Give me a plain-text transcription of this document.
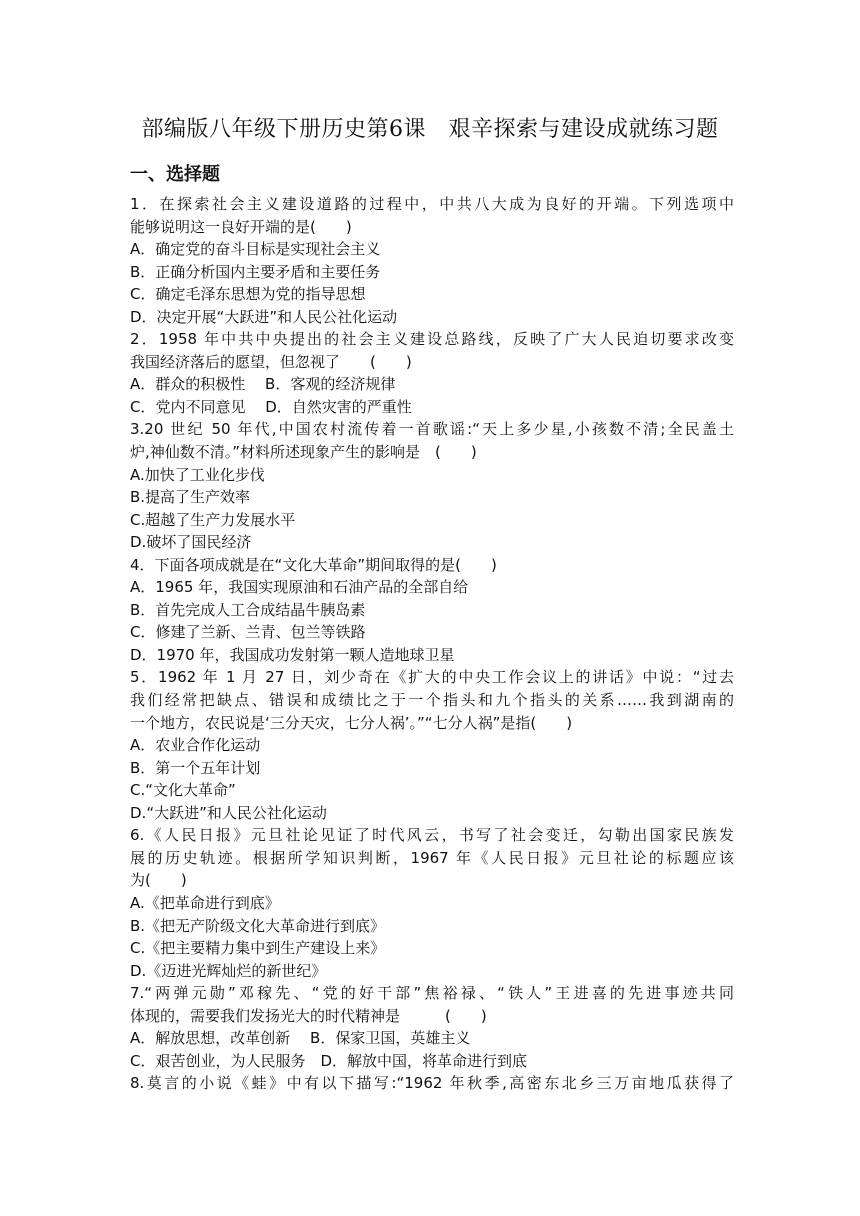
部编版八年级下册历史第6课　艰辛探索与建设成就练习题
一、选择题
1．在探索社会主义建设道路的过程中，中共八大成为良好的开端。下列选项中
能够说明这一良好开端的是(　　)
A．确定党的奋斗目标是实现社会主义
B．正确分析国内主要矛盾和主要任务
C．确定毛泽东思想为党的指导思想
D．决定开展“大跃进”和人民公社化运动
2．1958 年中共中央提出的社会主义建设总路线，反映了广大人民迫切要求改变
我国经济落后的愿望，但忽视了　　(　　)
A．群众的积极性　 B．客观的经济规律
C．党内不同意见　 D．自然灾害的严重性
3.20 世纪 50 年代,中国农村流传着一首歌谣:“天上多少星,小孩数不清;全民盖土
炉,神仙数不清。”材料所述现象产生的影响是　(　　)
A.加快了工业化步伐
B.提高了生产效率
C.超越了生产力发展水平
D.破坏了国民经济
4．下面各项成就是在“文化大革命”期间取得的是(　　)
A．1965 年，我国实现原油和石油产品的全部自给
B．首先完成人工合成结晶牛胰岛素
C．修建了兰新、兰青、包兰等铁路
D．1970 年，我国成功发射第一颗人造地球卫星
5．1962 年 1 月 27 日，刘少奇在《扩大的中央工作会议上的讲话》中说：“过去
我们经常把缺点、错误和成绩比之于一个指头和九个指头的关系……我到湖南的
一个地方，农民说是‘三分天灾，七分人祸’。”“七分人祸”是指(　　)
A．农业合作化运动
B．第一个五年计划
C.“文化大革命”
D.“大跃进”和人民公社化运动
6.《人民日报》元旦社论见证了时代风云，书写了社会变迁，勾勒出国家民族发
展的历史轨迹。根据所学知识判断，1967 年《人民日报》元旦社论的标题应该
为(　　)
A.《把革命进行到底》
B.《把无产阶级文化大革命进行到底》
C.《把主要精力集中到生产建设上来》
D.《迈进光辉灿烂的新世纪》
7.“两弹元勋”邓稼先、“党的好干部”焦裕禄、“铁人”王进喜的先进事迹共同
体现的，需要我们发扬光大的时代精神是　　　(　　)
A．解放思想，改革创新　 B．保家卫国，英雄主义
C．艰苦创业，为人民服务　D．解放中国，将革命进行到底
8.莫言的小说《蛙》中有以下描写:“1962 年秋季,高密东北乡三万亩地瓜获得了
